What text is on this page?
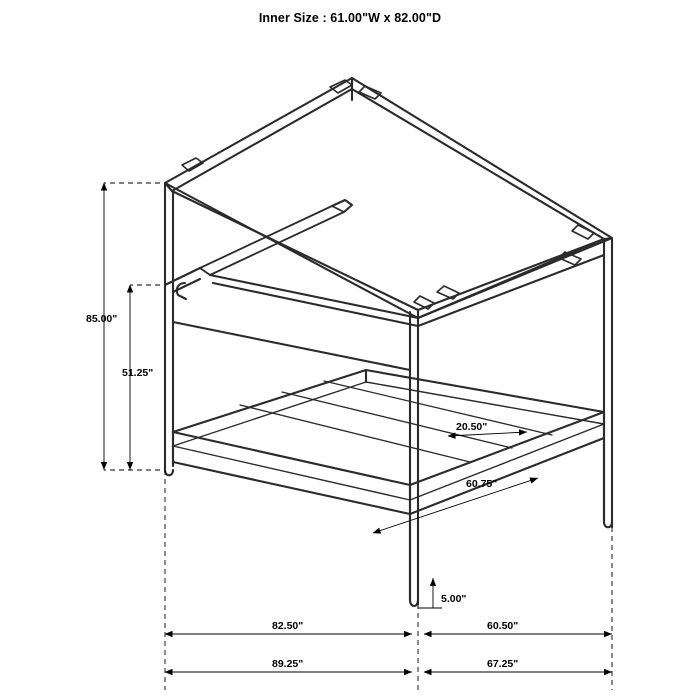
Inner Size : 61.00"W x 82.00"D
85.00"
51.25"
20.50"
60.75"
5.00"
82.50"	60.50"
89.25"	67.25"
